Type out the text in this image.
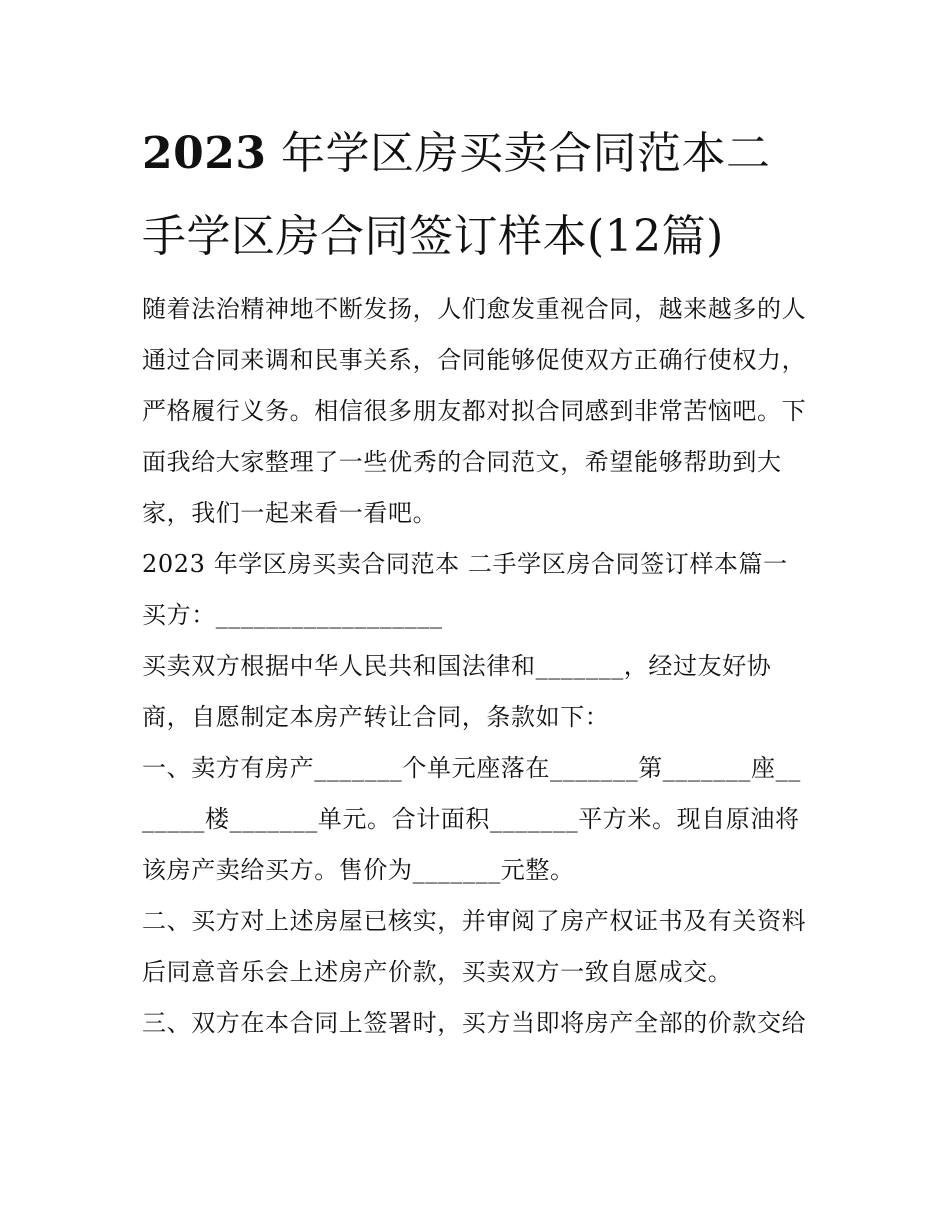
2023 年学区房买卖合同范本二手学区房合同签订样本(12篇)

随着法治精神地不断发扬，人们愈发重视合同，越来越多的人通过合同来调和民事关系，合同能够促使双方正确行使权力，严格履行义务。相信很多朋友都对拟合同感到非常苦恼吧。下面我给大家整理了一些优秀的合同范文，希望能够帮助到大家，我们一起来看一看吧。

2023 年学区房买卖合同范本 二手学区房合同签订样本篇一 买方：__________________

买卖双方根据中华人民共和国法律和_______，经过友好协商，自愿制定本房产转让合同，条款如下：

一、卖方有房产_______个单元座落在_______第_______座_______楼_______单元。合计面积_______平方米。现自原油将该房产卖给买方。售价为_______元整。

二、买方对上述房屋已核实，并审阅了房产权证书及有关资料后同意音乐会上述房产价款，买卖双方一致自愿成交。

三、双方在本合同上签署时，买方当即将房产全部的价款交给
